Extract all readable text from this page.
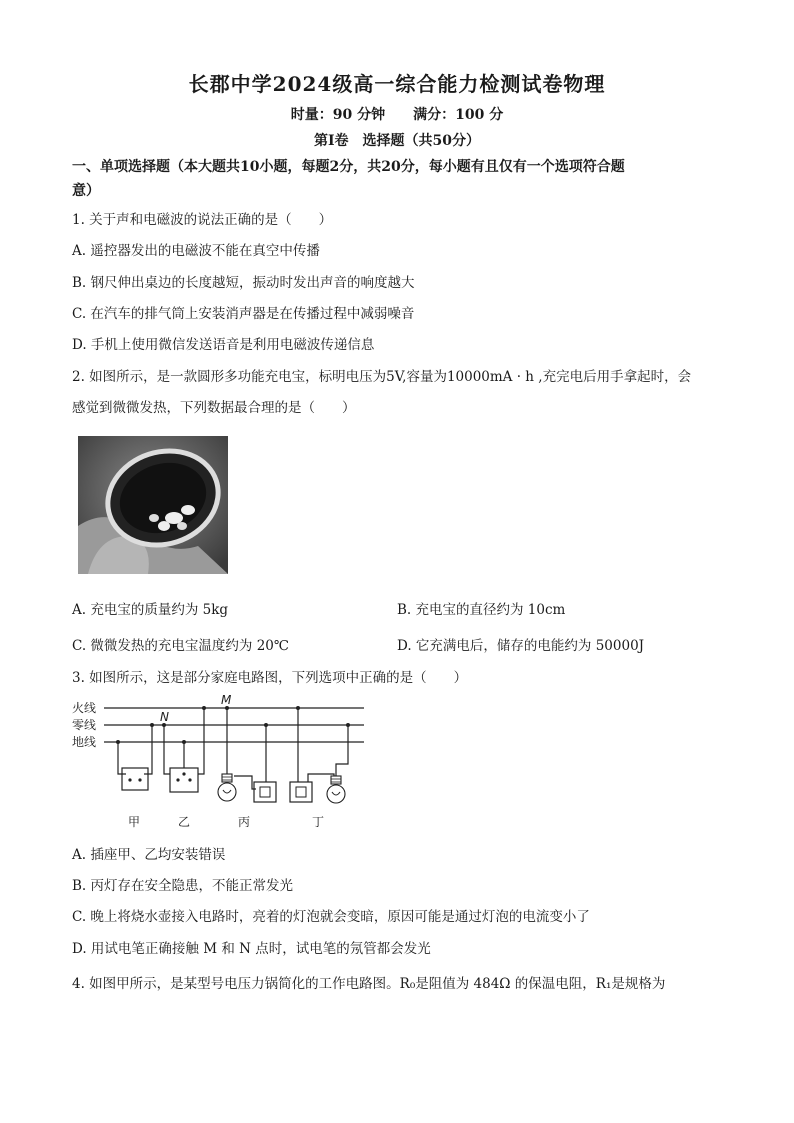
长郡中学2024级高一综合能力检测试卷物理
时量：90 分钟　　满分：100 分
第Ⅰ卷　选择题（共50分）
一、单项选择题（本大题共10小题，每题2分，共20分，每小题有且仅有一个选项符合题
意）
1. 关于声和电磁波的说法正确的是（　　）
A. 遥控器发出的电磁波不能在真空中传播
B. 钢尺伸出桌边的长度越短，振动时发出声音的响度越大
C. 在汽车的排气筒上安装消声器是在传播过程中减弱噪音
D. 手机上使用微信发送语音是利用电磁波传递信息
2. 如图所示，是一款圆形多功能充电宝，标明电压为5V,容量为10000mA · h ,充完电后用手拿起时，会
感觉到微微发热，下列数据最合理的是（　　）
A. 充电宝的质量约为 5kg	B. 充电宝的直径约为 10cm
C. 微微发热的充电宝温度约为 20℃	D. 它充满电后，储存的电能约为 50000J
3. 如图所示，这是部分家庭电路图，下列选项中正确的是（　　）
火线
零线
地线
N
M
甲	乙	丙	丁
A. 插座甲、乙均安装错误
B. 丙灯存在安全隐患，不能正常发光
C. 晚上将烧水壶接入电路时，亮着的灯泡就会变暗，原因可能是通过灯泡的电流变小了
D. 用试电笔正确接触 M 和 N 点时，试电笔的氖管都会发光
4. 如图甲所示，是某型号电压力锅简化的工作电路图。R₀是阻值为 484Ω 的保温电阻，R₁是规格为
